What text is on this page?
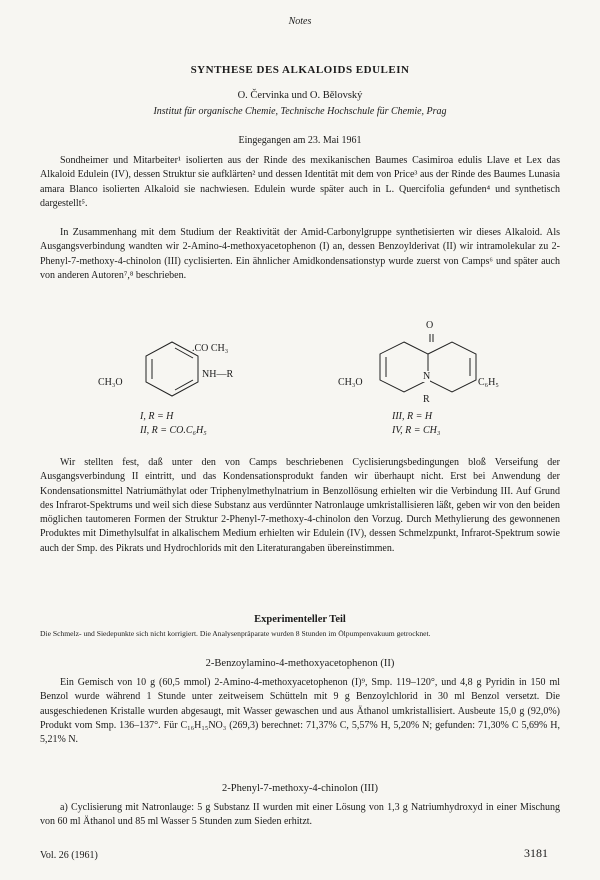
Notes
SYNTHESE DES ALKALOIDS EDULEIN
O. Červinka und O. Bělovský
Institut für organische Chemie, Technische Hochschule für Chemie, Prag
Eingegangen am 23. Mai 1961

Sondheimer und Mitarbeiter¹ isolierten aus der Rinde des mexikanischen Baumes Casimiroa edulis Llave et Lex das Alkaloid Edulein (IV), dessen Struktur sie aufklärten² und dessen Identität mit dem von Price³ aus der Rinde des Baumes Lunasia amara Blanco isolierten Alkaloid sie nachwiesen. Edulein wurde später auch in L. Quercifolia gefunden⁴ und synthetisch dargestellt⁵.

In Zusammenhang mit dem Studium der Reaktivität der Amid-Carbonylgruppe synthetisierten wir dieses Alkaloid. Als Ausgangsverbindung wandten wir 2-Amino-4-methoxyacetophenon (I) an, dessen Benzoylderivat (II) wir intramolekular zu 2-Phenyl-7-methoxy-4-chinolon (III) cyclisierten. Ein ähnlicher Amidkondensationstyp wurde zuerst von Camps⁶ und später auch von anderen Autoren⁷,⁸ beschrieben.

.CO CH₃
NH—R
CH₃O
I, R = H
II, R = CO.C₆H₅
O
CH₃O
N
C₆H₅
R
III, R = H
IV, R = CH₃

Wir stellten fest, daß unter den von Camps beschriebenen Cyclisierungsbedingungen bloß Verseifung der Ausgangsverbindung II eintritt, und das Kondensationsprodukt fanden wir überhaupt nicht. Erst bei Anwendung der Kondensationsmittel Natriumäthylat oder Triphenylmethylnatrium in Benzollösung erhielten wir die Verbindung III. Auf Grund des Infrarot-Spektrums und weil sich diese Substanz aus verdünnter Natronlauge umkristallisieren läßt, geben wir von den beiden möglichen tautomeren Formen der Struktur 2-Phenyl-7-methoxy-4-chinolon den Vorzug. Durch Methylierung des gewonnenen Produktes mit Dimethylsulfat in alkalischem Medium erhielten wir Edulein (IV), dessen Schmelzpunkt, Infrarot-Spektrum sowie auch der Smp. des Pikrats und Hydrochlorids mit den Literaturangaben übereinstimmen.

Experimenteller Teil

Die Schmelz- und Siedepunkte sich nicht korrigiert. Die Analysenpräparate wurden 8 Stunden im Ölpumpenvakuum getrocknet.

2-Benzoylamino-4-methoxyacetophenon (II)

Ein Gemisch von 10 g (60,5 mmol) 2-Amino-4-methoxyacetophenon (I)⁹, Smp. 119–120°, und 4,8 g Pyridin in 150 ml Benzol wurde während 1 Stunde unter zeitweisem Schütteln mit 9 g Benzoylchlorid in 30 ml Benzol versetzt. Die ausgeschiedenen Kristalle wurden abgesaugt, mit Wasser gewaschen und aus Äthanol umkristallisiert. Ausbeute 15,0 g (92,0%) Produkt vom Smp. 136–137°. Für C₁₆H₁₅NO₃ (269,3) berechnet: 71,37% C, 5,57% H, 5,20% N; gefunden: 71,30% C 5,69% H, 5,21% N.

2-Phenyl-7-methoxy-4-chinolon (III)

a) Cyclisierung mit Natronlauge: 5 g Substanz II wurden mit einer Lösung von 1,3 g Natriumhydroxyd in einer Mischung von 60 ml Äthanol und 85 ml Wasser 5 Stunden zum Sieden erhitzt.

Vol. 26 (1961)	3181
